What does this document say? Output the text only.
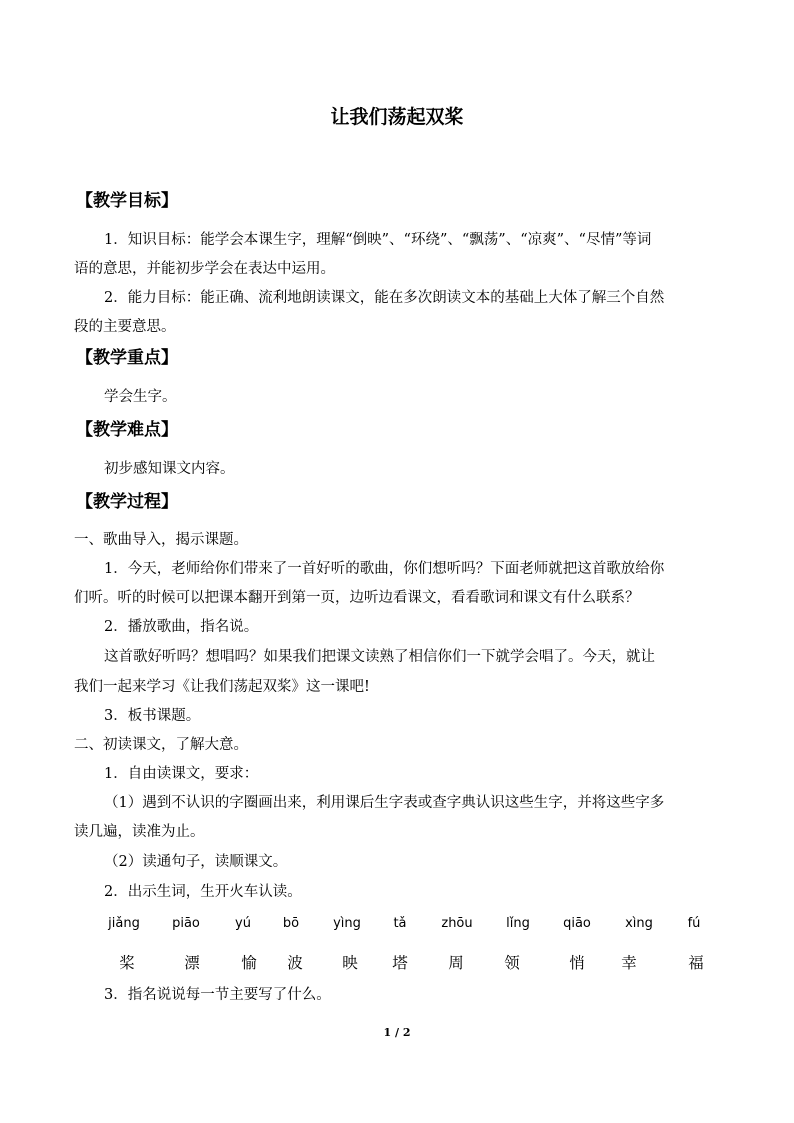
让我们荡起双桨
【教学目标】
1．知识目标：能学会本课生字，理解“倒映”、“环绕”、“飘荡”、“凉爽”、“尽情”等词
语的意思，并能初步学会在表达中运用。
2．能力目标：能正确、流利地朗读课文，能在多次朗读文本的基础上大体了解三个自然
段的主要意思。
【教学重点】
学会生字。
【教学难点】
初步感知课文内容。
【教学过程】
一、歌曲导入，揭示课题。
1．今天，老师给你们带来了一首好听的歌曲，你们想听吗？下面老师就把这首歌放给你
们听。听的时候可以把课本翻开到第一页，边听边看课文，看看歌词和课文有什么联系？
2．播放歌曲，指名说。
这首歌好听吗？想唱吗？如果我们把课文读熟了相信你们一下就学会唱了。今天，就让
我们一起来学习《让我们荡起双桨》这一课吧!
3．板书课题。
二、初读课文，了解大意。
1．自由读课文，要求：
（1）遇到不认识的字圈画出来，利用课后生字表或查字典认识这些生字，并将这些字多
读几遍，读准为止。
（2）读通句子，读顺课文。
2．出示生词，生开火车认读。
jiǎng piāo	yú bō	yìng	tǎ	zhōu	lǐng	qiāo	xìng	fú
桨	漂	愉 波	映 塔	周	领	悄 幸	福
3．指名说说每一节主要写了什么。
1 / 2
